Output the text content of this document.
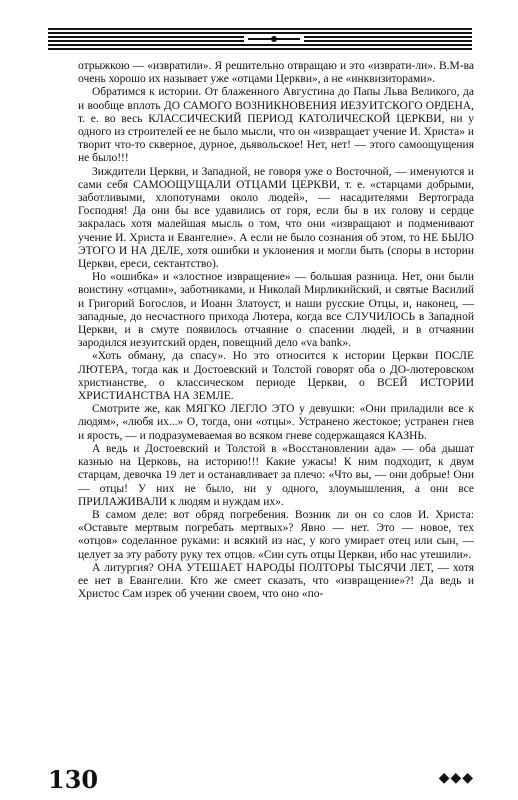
отрыжкою — «извратили». Я решительно отвращаю и это «изврати-ли». В.М-ва очень хорошо их называет уже «отцами Церкви», а не «инквизиторами».

Обратимся к истории. От блаженного Августина до Папы Льва Великого, да и вообще вплоть ДО САМОГО ВОЗНИКНОВЕНИЯ ИЕЗУИТСКОГО ОРДЕНА, т. е. во весь КЛАССИЧЕСКИЙ ПЕРИОД КАТОЛИЧЕСКОЙ ЦЕРКВИ, ни у одного из строителей ее не было мысли, что он «извращает учение И. Христа» и творит что-то скверное, дурное, дьявольское! Нет, нет! — этого самоощущения не было!!!

Зиждители Церкви, и Западной, не говоря уже о Восточной, — именуются и сами себя САМООЩУЩАЛИ ОТЦАМИ ЦЕРКВИ, т. е. «старцами добрыми, заботливыми, хлопотунами около людей», — насадителями Вертограда Господня! Да они бы все удавились от горя, если бы в их голову и сердце закралась хотя малейшая мысль о том, что они «извращают и подменивают учение И. Христа и Евангелие». А если не было сознания об этом, то НЕ БЫЛО ЭТОГО И НА ДЕЛЕ, хотя ошибки и уклонения и могли быть (споры в истории Церкви, ереси, сектантство).

Но «ошибка» и «злостное извращение» — большая разница. Нет, они были воистину «отцами», заботниками, и Николай Мирликийский, и святые Василий и Григорий Богослов, и Иоанн Златоуст, и наши русские Отцы, и, наконец, — западные, до несчастного прихода Лютера, когда все СЛУЧИЛОСЬ в Западной Церкви, и в смуте появилось отчаяние о спасении людей, и в отчаянии зародился иезуитский орден, повещний дело «va bank».

«Хоть обману, да спасу». Но это относится к истории Церкви ПОСЛЕ ЛЮТЕРА, тогда как и Достоевский и Толстой говорят оба о ДО-лютеровском христианстве, о классическом периоде Церкви, о ВСЕЙ ИСТОРИИ ХРИСТИАНСТВА НА ЗЕМЛЕ.

Смотрите же, как МЯГКО ЛЕГЛО ЭТО у девушки: «Они приладили все к людям», «любя их...» О, тогда, они «отцы». Устранено жестокое; устранен гнев и ярость, — и подразумеваемая во всяком гневе содержащаяся КАЗНЬ.

А ведь и Достоевский и Толстой в «Восстановлении ада» — оба дышат казнью на Церковь, на историю!!! Какие ужасы! К ним подходит, к двум старцам, девочка 19 лет и останавливает за плечо: «Что вы, — они добрые! Они — отцы! У них не было, ни у одного, злоумышления, а они все ПРИЛАЖИВАЛИ к людям и нуждам их».

В самом деле: вот обряд погребения. Возник ли он со слов И. Христа: «Оставьте мертвым погребать мертвых»? Явно — нет. Это — новое, тех «отцов» соделанное руками: и всякий из нас, у кого умирает отец или сын, — целует за эту работу руку тех отцов. «Сии суть отцы Церкви, ибо нас утешили».

А литургия? ОНА УТЕШАЕТ НАРОДЫ ПОЛТОРЫ ТЫСЯЧИ ЛЕТ, — хотя ее нет в Евангелии. Кто же смеет сказать, что «извращение»?! Да ведь и Христос Сам изрек об учении своем, что оно «по-

130	◆◆◆
